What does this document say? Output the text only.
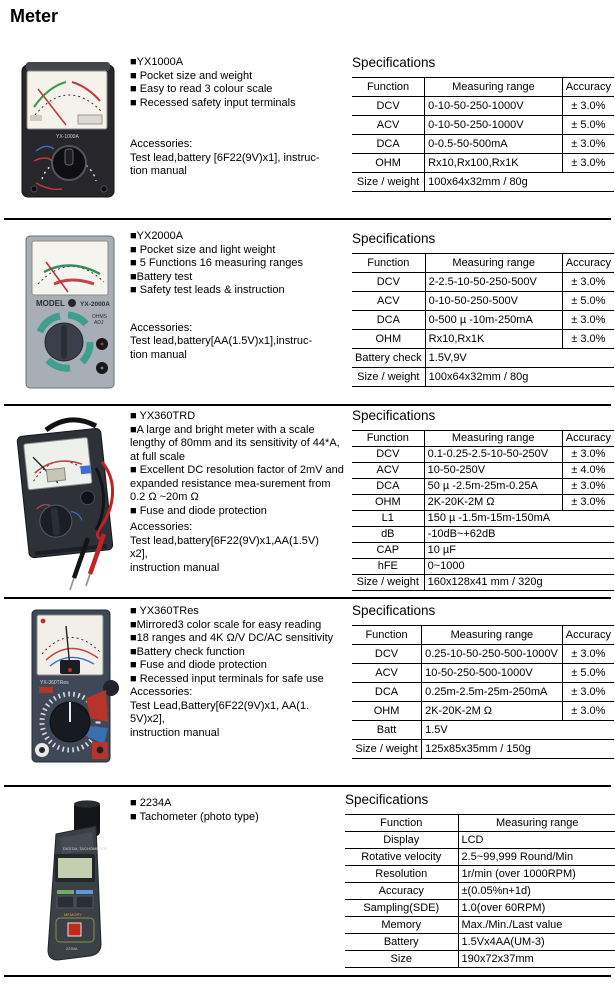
Meter
YX-1000A
■YX1000A
■ Pocket size and weight
■ Easy to read 3 colour scale
■ Recessed safety input terminals
Accessories:
Test lead,battery [6F22(9V)x1], instruc-
tion manual
Specifications
Function	Measuring range	Accuracy
DCV	0-10-50-250-1000V	± 3.0%
ACV	0-10-50-250-1000V	± 5.0%
DCA	0-0.5-50-500mA	± 3.0%
OHM	Rx10,Rx100,Rx1K	± 3.0%
Size / weight	100x64x32mm / 80g	
MODEL YX-2000A
OHMS
ADJ
■YX2000A
■ Pocket size and light weight
■ 5 Functions 16 measuring ranges
■Battery test
■ Safety test leads & instruction
Accessories:
Test lead,battery[AA(1.5V)x1],instruc-
tion manual
Specifications
Function	Measuring range	Accuracy
DCV	2-2.5-10-50-250-500V	± 3.0%
ACV	0-10-50-250-500V	± 5.0%
DCA	0-500 µ -10m-250mA	± 3.0%
OHM	Rx10,Rx1K	± 3.0%
Battery check	1.5V,9V	
Size / weight	100x64x32mm / 80g	
■ YX360TRD
■A large and bright meter with a scale lengthy of 80mm and its sensitivity of 44*A, at full scale
■ Excellent DC resolution factor of 2mV and expanded resistance mea-surement from 0.2 Ω ~20m Ω
■ Fuse and diode protection
Accessories:
Test lead,battery[6F22(9V)x1,AA(1.5V)
x2],
instruction manual
Specifications
Function	Measuring range	Accuracy
DCV	0.1-0.25-2.5-10-50-250V	± 3.0%
ACV	10-50-250V	± 4.0%
DCA	50 µ -2.5m-25m-0.25A	± 3.0%
OHM	2K-20K-2M Ω	± 3.0%
L1	150 µ -1.5m-15m-150mA	
dB	-10dB~+62dB	
CAP	10 µF	
hFE	0~1000	
Size / weight	160x128x41 mm / 320g	
YX-360TRes
■ YX360TRes
■Mirrored3 color scale for easy reading
■18 ranges and 4K Ω/V DC/AC sensitivity
■Battery check function
■ Fuse and diode protection
■ Recessed input terminals for safe use
Accessories:
Test Lead,Battery[6F22(9V)x1, AA(1.
5V)x2],
instruction manual
Specifications
Function	Measuring range	Accuracy
DCV	0.25-10-50-250-500-1000V	± 3.0%
ACV	10-50-250-500-1000V	± 5.0%
DCA	0.25m-2.5m-25m-250mA	± 3.0%
OHM	2K-20K-2M Ω	± 3.0%
Batt	1.5V	
Size / weight	125x85x35mm / 150g	
DIGITAL TACHOMETER
MEMORY
2234A
■ 2234A
■ Tachometer (photo type)
Specifications
Function	Measuring range
Display	LCD
Rotative velocity	2.5~99,999 Round/Min
Resolution	1r/min (over 1000RPM)
Accuracy	±(0.05%n+1d)
Sampling(SDE)	1.0(over 60RPM)
Memory	Max./Min./Last value
Battery	1.5Vx4AA(UM-3)
Size	190x72x37mm
